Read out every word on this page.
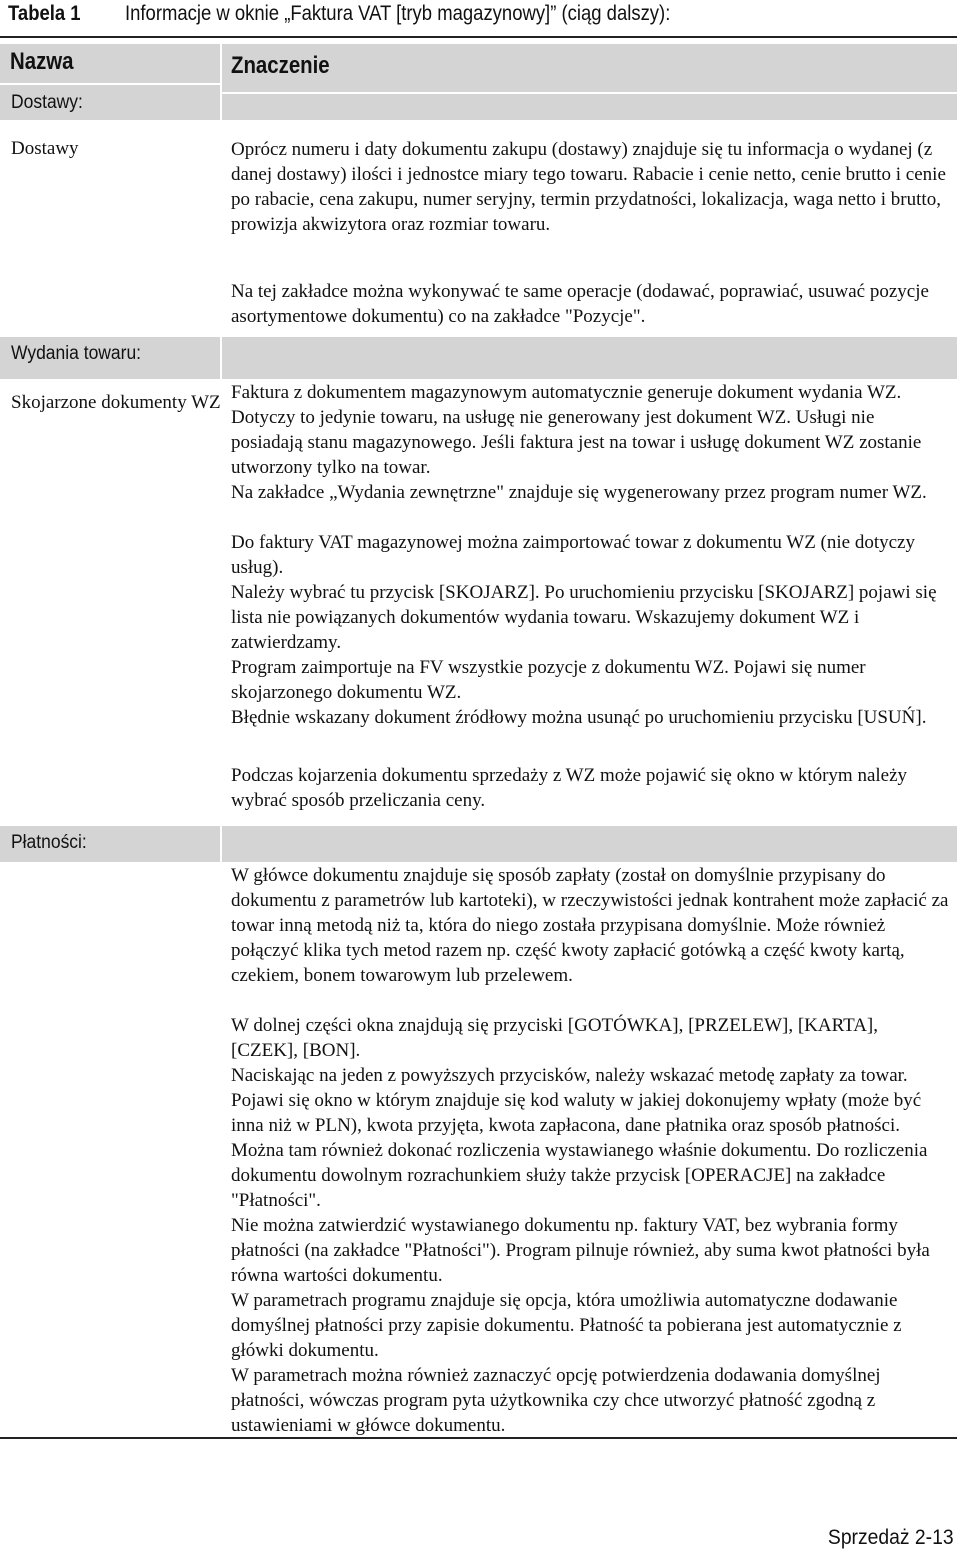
Tabela 1 Informacje w oknie „Faktura VAT [tryb magazynowy]” (ciąg dalszy):
Nazwa	Znaczenie
Dostawy:
Dostawy	Oprócz numeru i daty dokumentu zakupu (dostawy) znajduje się tu informacja o wydanej (z danej dostawy) ilości i jednostce miary tego towaru. Rabacie i cenie netto, cenie brutto i cenie po rabacie, cena zakupu, numer seryjny, termin przydatności, lokalizacja, waga netto i brutto, prowizja akwizytora oraz rozmiar towaru.

Na tej zakładce można wykonywać te same operacje (dodawać, poprawiać, usuwać pozycje asortymentowe dokumentu) co na zakładce "Pozycje".

Wydania towaru:
Skojarzone dokumenty WZ Faktura z dokumentem magazynowym automatycznie generuje dokument wydania WZ. Dotyczy to jedynie towaru, na usługę nie generowany jest dokument WZ. Usługi nie posiadają stanu magazynowego. Jeśli faktura jest na towar i usługę dokument WZ zostanie utworzony tylko na towar.

Na zakładce „Wydania zewnętrzne" znajduje się wygenerowany przez program numer WZ.

Do faktury VAT magazynowej można zaimportować towar z dokumentu WZ (nie dotyczy usług).

Należy wybrać tu przycisk [SKOJARZ]. Po uruchomieniu przycisku [SKOJARZ] pojawi się lista nie powiązanych dokumentów wydania towaru. Wskazujemy dokument WZ i zatwierdzamy.

Program zaimportuje na FV wszystkie pozycje z dokumentu WZ. Pojawi się numer skojarzonego dokumentu WZ.

Błędnie wskazany dokument źródłowy można usunąć po uruchomieniu przycisku [USUŃ].

Podczas kojarzenia dokumentu sprzedaży z WZ może pojawić się okno w którym należy wybrać sposób przeliczania ceny.

Płatności:

W główce dokumentu znajduje się sposób zapłaty (został on domyślnie przypisany do dokumentu z parametrów lub kartoteki), w rzeczywistości jednak kontrahent może zapłacić za towar inną metodą niż ta, która do niego została przypisana domyślnie. Może również połączyć klika tych metod razem np. część kwoty zapłacić gotówką a część kwoty kartą, czekiem, bonem towarowym lub przelewem.

W dolnej części okna znajdują się przyciski [GOTÓWKA], [PRZELEW], [KARTA], [CZEK], [BON].

Naciskając na jeden z powyższych przycisków, należy wskazać metodę zapłaty za towar. Pojawi się okno w którym znajduje się kod waluty w jakiej dokonujemy wpłaty (może być inna niż w PLN), kwota przyjęta, kwota zapłacona, dane płatnika oraz sposób płatności. Można tam również dokonać rozliczenia wystawianego właśnie dokumentu. Do rozliczenia dokumentu dowolnym rozrachunkiem służy także przycisk [OPERACJE] na zakładce "Płatności".

Nie można zatwierdzić wystawianego dokumentu np. faktury VAT, bez wybrania formy płatności (na zakładce "Płatności"). Program pilnuje również, aby suma kwot płatności była równa wartości dokumentu.

W parametrach programu znajduje się opcja, która umożliwia automatyczne dodawanie domyślnej płatności przy zapisie dokumentu. Płatność ta pobierana jest automatycznie z główki dokumentu.

W parametrach można również zaznaczyć opcję potwierdzenia dodawania domyślnej płatności, wówczas program pyta użytkownika czy chce utworzyć płatność zgodną z ustawieniami w główce dokumentu.

Sprzedaż 2-13
